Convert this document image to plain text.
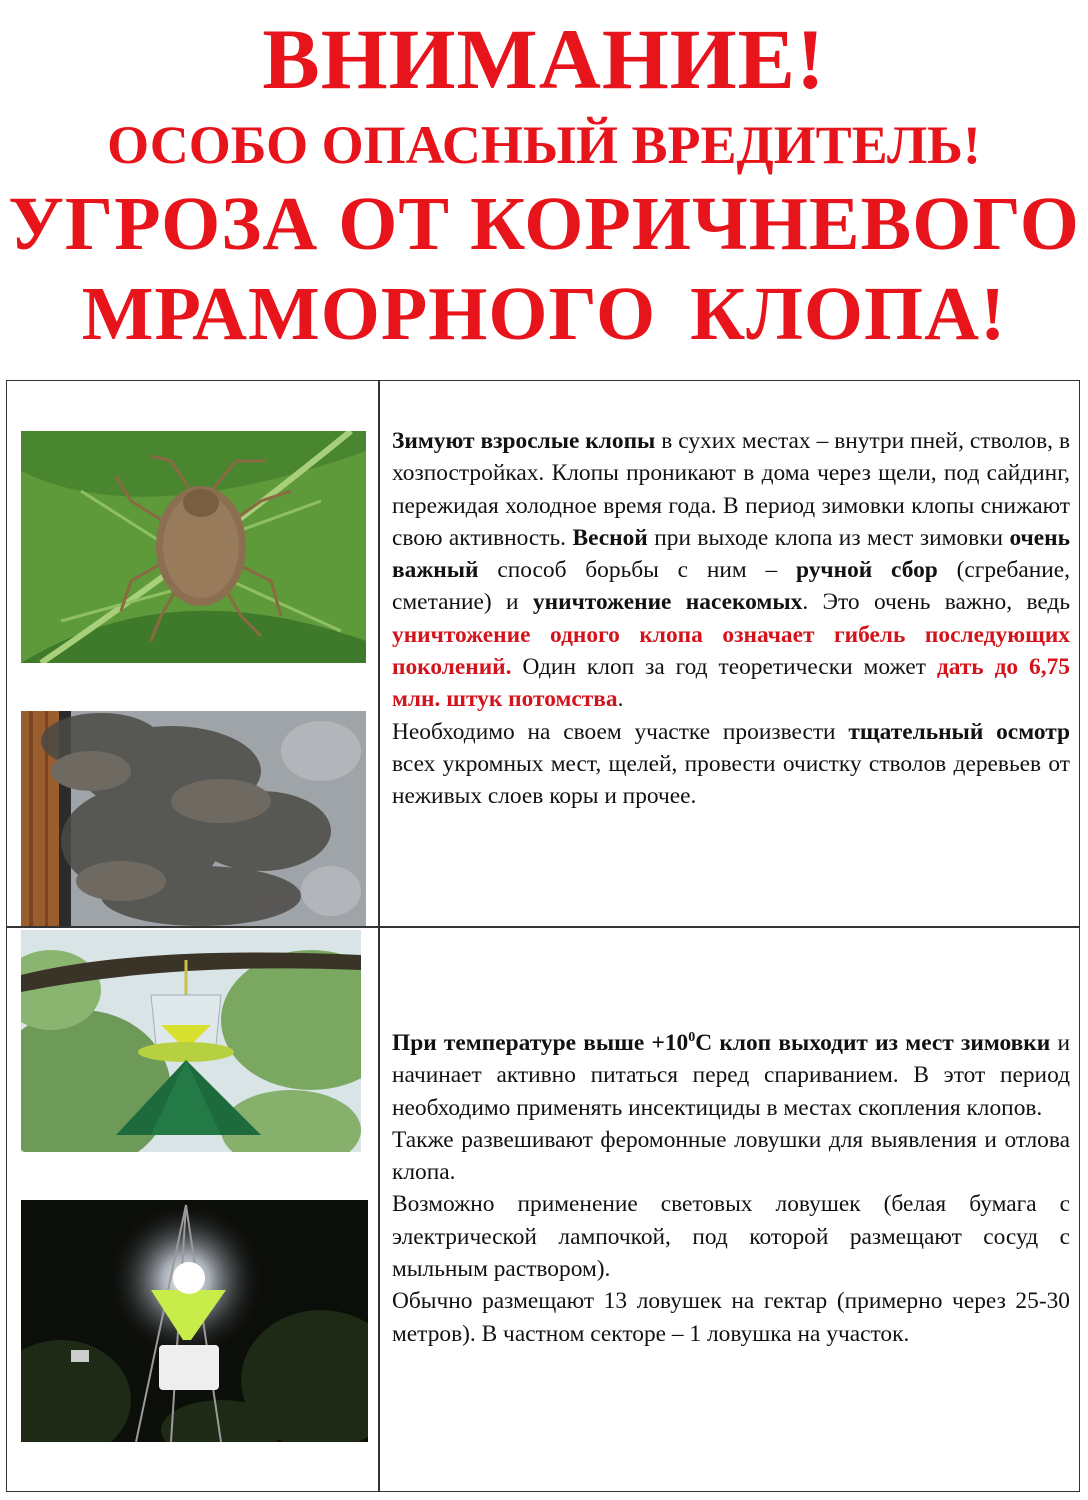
ВНИМАНИЕ!
ОСОБО ОПАСНЫЙ ВРЕДИТЕЛЬ!
УГРОЗА ОТ КОРИЧНЕВОГО
МРАМОРНОГО КЛОПА!

Зимуют взрослые клопы в сухих местах – внутри пней, стволов, в хозпостройках. Клопы проникают в дома через щели, под сайдинг, пережидая холодное время года. В период зимовки клопы снижают свою активность. Весной при выходе клопа из мест зимовки очень важный способ борьбы с ним – ручной сбор (сгребание, сметание) и уничтожение насекомых. Это очень важно, ведь уничтожение одного клопа означает гибель последующих поколений. Один клоп за год теоретически может дать до 6,75 млн. штук потомства.

Необходимо на своем участке произвести тщательный осмотр всех укромных мест, щелей, провести очистку стволов деревьев от неживых слоев коры и прочее.

При температуре выше $+10^0С$ клоп выходит из мест зимовки и начинает активно питаться перед спариванием. В этот период необходимо применять инсектициды в местах скопления клопов.

Также развешивают феромонные ловушки для выявления и отлова клопа.

Возможно применение световых ловушек (белая бумага с электрической лампочкой, под которой размещают сосуд с мыльным раствором).

Обычно размещают 13 ловушек на гектар (примерно через 25-30 метров). В частном секторе – 1 ловушка на участок.
